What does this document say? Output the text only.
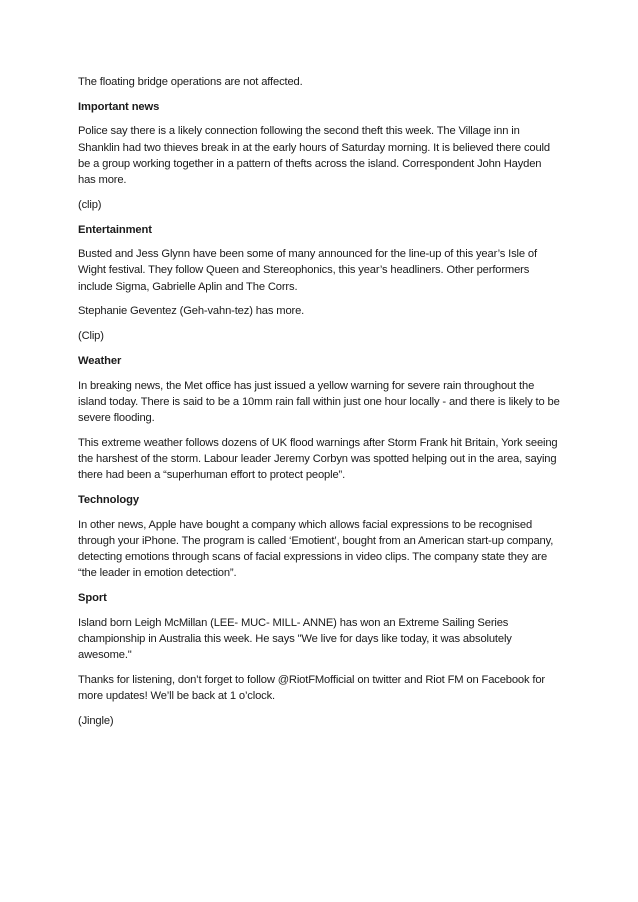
The floating bridge operations are not affected.

Important news

Police say there is a likely connection following the second theft this week. The Village inn in Shanklin had two thieves break in at the early hours of Saturday morning. It is believed there could be a group working together in a pattern of thefts across the island. Correspondent John Hayden has more.

(clip)

Entertainment

Busted and Jess Glynn have been some of many announced for the line-up of this year’s Isle of Wight festival. They follow Queen and Stereophonics, this year’s headliners. Other performers include Sigma, Gabrielle Aplin and The Corrs.

Stephanie Geventez (Geh-vahn-tez) has more.

(Clip)

Weather

In breaking news, the Met office has just issued a yellow warning for severe rain throughout the island today. There is said to be a 10mm rain fall within just one hour locally - and there is likely to be severe flooding.

This extreme weather follows dozens of UK flood warnings after Storm Frank hit Britain, York seeing the harshest of the storm. Labour leader Jeremy Corbyn was spotted helping out in the area, saying there had been a “superhuman effort to protect people”.

Technology

In other news, Apple have bought a company which allows facial expressions to be recognised through your iPhone. The program is called ‘Emotient’, bought from an American start-up company, detecting emotions through scans of facial expressions in video clips. The company state they are “the leader in emotion detection”.

Sport

Island born Leigh McMillan (LEE- MUC- MILL- ANNE) has won an Extreme Sailing Series championship in Australia this week. He says "We live for days like today, it was absolutely awesome."

Thanks for listening, don’t forget to follow @RiotFMofficial on twitter and Riot FM on Facebook for more updates! We’ll be back at 1 o’clock.

(Jingle)
